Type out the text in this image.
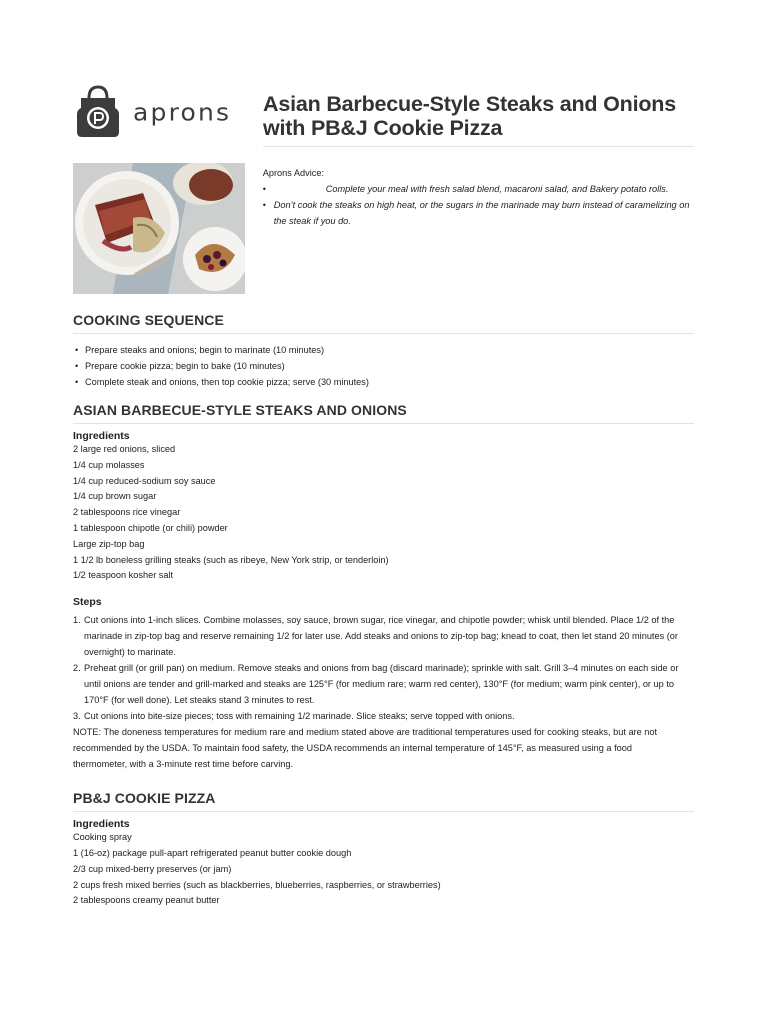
aprons Asian Barbecue-Style Steaks and Onions
with PB&J Cookie Pizza
Aprons Advice:
• Complete your meal with fresh salad blend, macaroni salad, and Bakery potato rolls.
• Don’t cook the steaks on high heat, or the sugars in the marinade may burn instead of caramelizing on the steak if you do.
COOKING SEQUENCE
• Prepare steaks and onions; begin to marinate (10 minutes)
• Prepare cookie pizza; begin to bake (10 minutes)
• Complete steak and onions, then top cookie pizza; serve (30 minutes)
ASIAN BARBECUE-STYLE STEAKS AND ONIONS
Ingredients
2 large red onions, sliced
1/4 cup molasses
1/4 cup reduced-sodium soy sauce
1/4 cup brown sugar
2 tablespoons rice vinegar
1 tablespoon chipotle (or chili) powder
Large zip-top bag
1 1/2 lb boneless grilling steaks (such as ribeye, New York strip, or tenderloin)
1/2 teaspoon kosher salt
Steps
1. Cut onions into 1-inch slices. Combine molasses, soy sauce, brown sugar, rice vinegar, and chipotle powder; whisk until blended. Place 1/2 of the
marinade in zip-top bag and reserve remaining 1/2 for later use. Add steaks and onions to zip-top bag; knead to coat, then let stand 20 minutes (or
overnight) to marinate.
2. Preheat grill (or grill pan) on medium. Remove steaks and onions from bag (discard marinade); sprinkle with salt. Grill 3–4 minutes on each side or
until onions are tender and grill-marked and steaks are 125°F (for medium rare; warm red center), 130°F (for medium; warm pink center), or up to
170°F (for well done). Let steaks stand 3 minutes to rest.
3. Cut onions into bite-size pieces; toss with remaining 1/2 marinade. Slice steaks; serve topped with onions.
NOTE: The doneness temperatures for medium rare and medium stated above are traditional temperatures used for cooking steaks, but are not
recommended by the USDA. To maintain food safety, the USDA recommends an internal temperature of 145°F, as measured using a food
thermometer, with a 3-minute rest time before carving.
PB&J COOKIE PIZZA
Ingredients
Cooking spray
1 (16-oz) package pull-apart refrigerated peanut butter cookie dough
2/3 cup mixed-berry preserves (or jam)
2 cups fresh mixed berries (such as blackberries, blueberries, raspberries, or strawberries)
2 tablespoons creamy peanut butter
